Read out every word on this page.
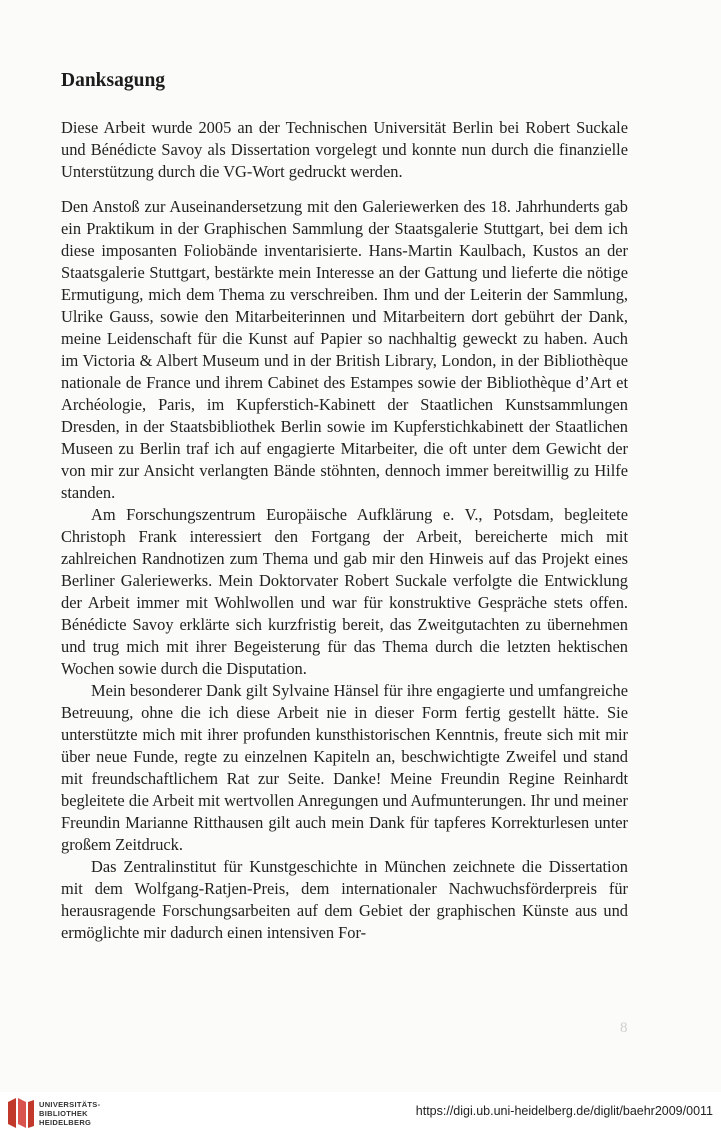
Danksagung

Diese Arbeit wurde 2005 an der Technischen Universität Berlin bei Robert Suckale und Bénédicte Savoy als Dissertation vorgelegt und konnte nun durch die finanzielle Unterstützung durch die VG-Wort gedruckt werden.

Den Anstoß zur Auseinandersetzung mit den Galeriewerken des 18. Jahrhunderts gab ein Praktikum in der Graphischen Sammlung der Staatsgalerie Stuttgart, bei dem ich diese imposanten Foliobände inventarisierte. Hans-Martin Kaulbach, Kustos an der Staatsgalerie Stuttgart, bestärkte mein Interesse an der Gattung und lieferte die nötige Ermutigung, mich dem Thema zu verschreiben. Ihm und der Leiterin der Sammlung, Ulrike Gauss, sowie den Mitarbeiterinnen und Mitarbeitern dort gebührt der Dank, meine Leidenschaft für die Kunst auf Papier so nachhaltig geweckt zu haben. Auch im Victoria & Albert Museum und in der British Library, London, in der Bibliothèque nationale de France und ihrem Cabinet des Estampes sowie der Bibliothèque d’Art et Archéologie, Paris, im Kupferstich-Kabinett der Staatlichen Kunstsammlungen Dresden, in der Staatsbibliothek Berlin sowie im Kupferstichkabinett der Staatlichen Museen zu Berlin traf ich auf engagierte Mitarbeiter, die oft unter dem Gewicht der von mir zur Ansicht verlangten Bände stöhnten, dennoch immer bereitwillig zu Hilfe standen.

Am Forschungszentrum Europäische Aufklärung e. V., Potsdam, begleitete Christoph Frank interessiert den Fortgang der Arbeit, bereicherte mich mit zahlreichen Randnotizen zum Thema und gab mir den Hinweis auf das Projekt eines Berliner Galeriewerks. Mein Doktorvater Robert Suckale verfolgte die Entwicklung der Arbeit immer mit Wohlwollen und war für konstruktive Gespräche stets offen. Bénédicte Savoy erklärte sich kurzfristig bereit, das Zweitgutachten zu übernehmen und trug mich mit ihrer Begeisterung für das Thema durch die letzten hektischen Wochen sowie durch die Disputation.

Mein besonderer Dank gilt Sylvaine Hänsel für ihre engagierte und umfangreiche Betreuung, ohne die ich diese Arbeit nie in dieser Form fertig gestellt hätte. Sie unterstützte mich mit ihrer profunden kunsthistorischen Kenntnis, freute sich mit mir über neue Funde, regte zu einzelnen Kapiteln an, beschwichtigte Zweifel und stand mit freundschaftlichem Rat zur Seite. Danke! Meine Freundin Regine Reinhardt begleitete die Arbeit mit wertvollen Anregungen und Aufmunterungen. Ihr und meiner Freundin Marianne Ritthausen gilt auch mein Dank für tapferes Korrekturlesen unter großem Zeitdruck.

Das Zentralinstitut für Kunstgeschichte in München zeichnete die Dissertation mit dem Wolfgang-Ratjen-Preis, dem internationaler Nachwuchsförderpreis für herausragende Forschungsarbeiten auf dem Gebiet der graphischen Künste aus und ermöglichte mir dadurch einen intensiven For-

8
UNIVERSITÄTS-
BIBLIOTHEK
HEIDELBERG
https://digi.ub.uni-heidelberg.de/diglit/baehr2009/0011
